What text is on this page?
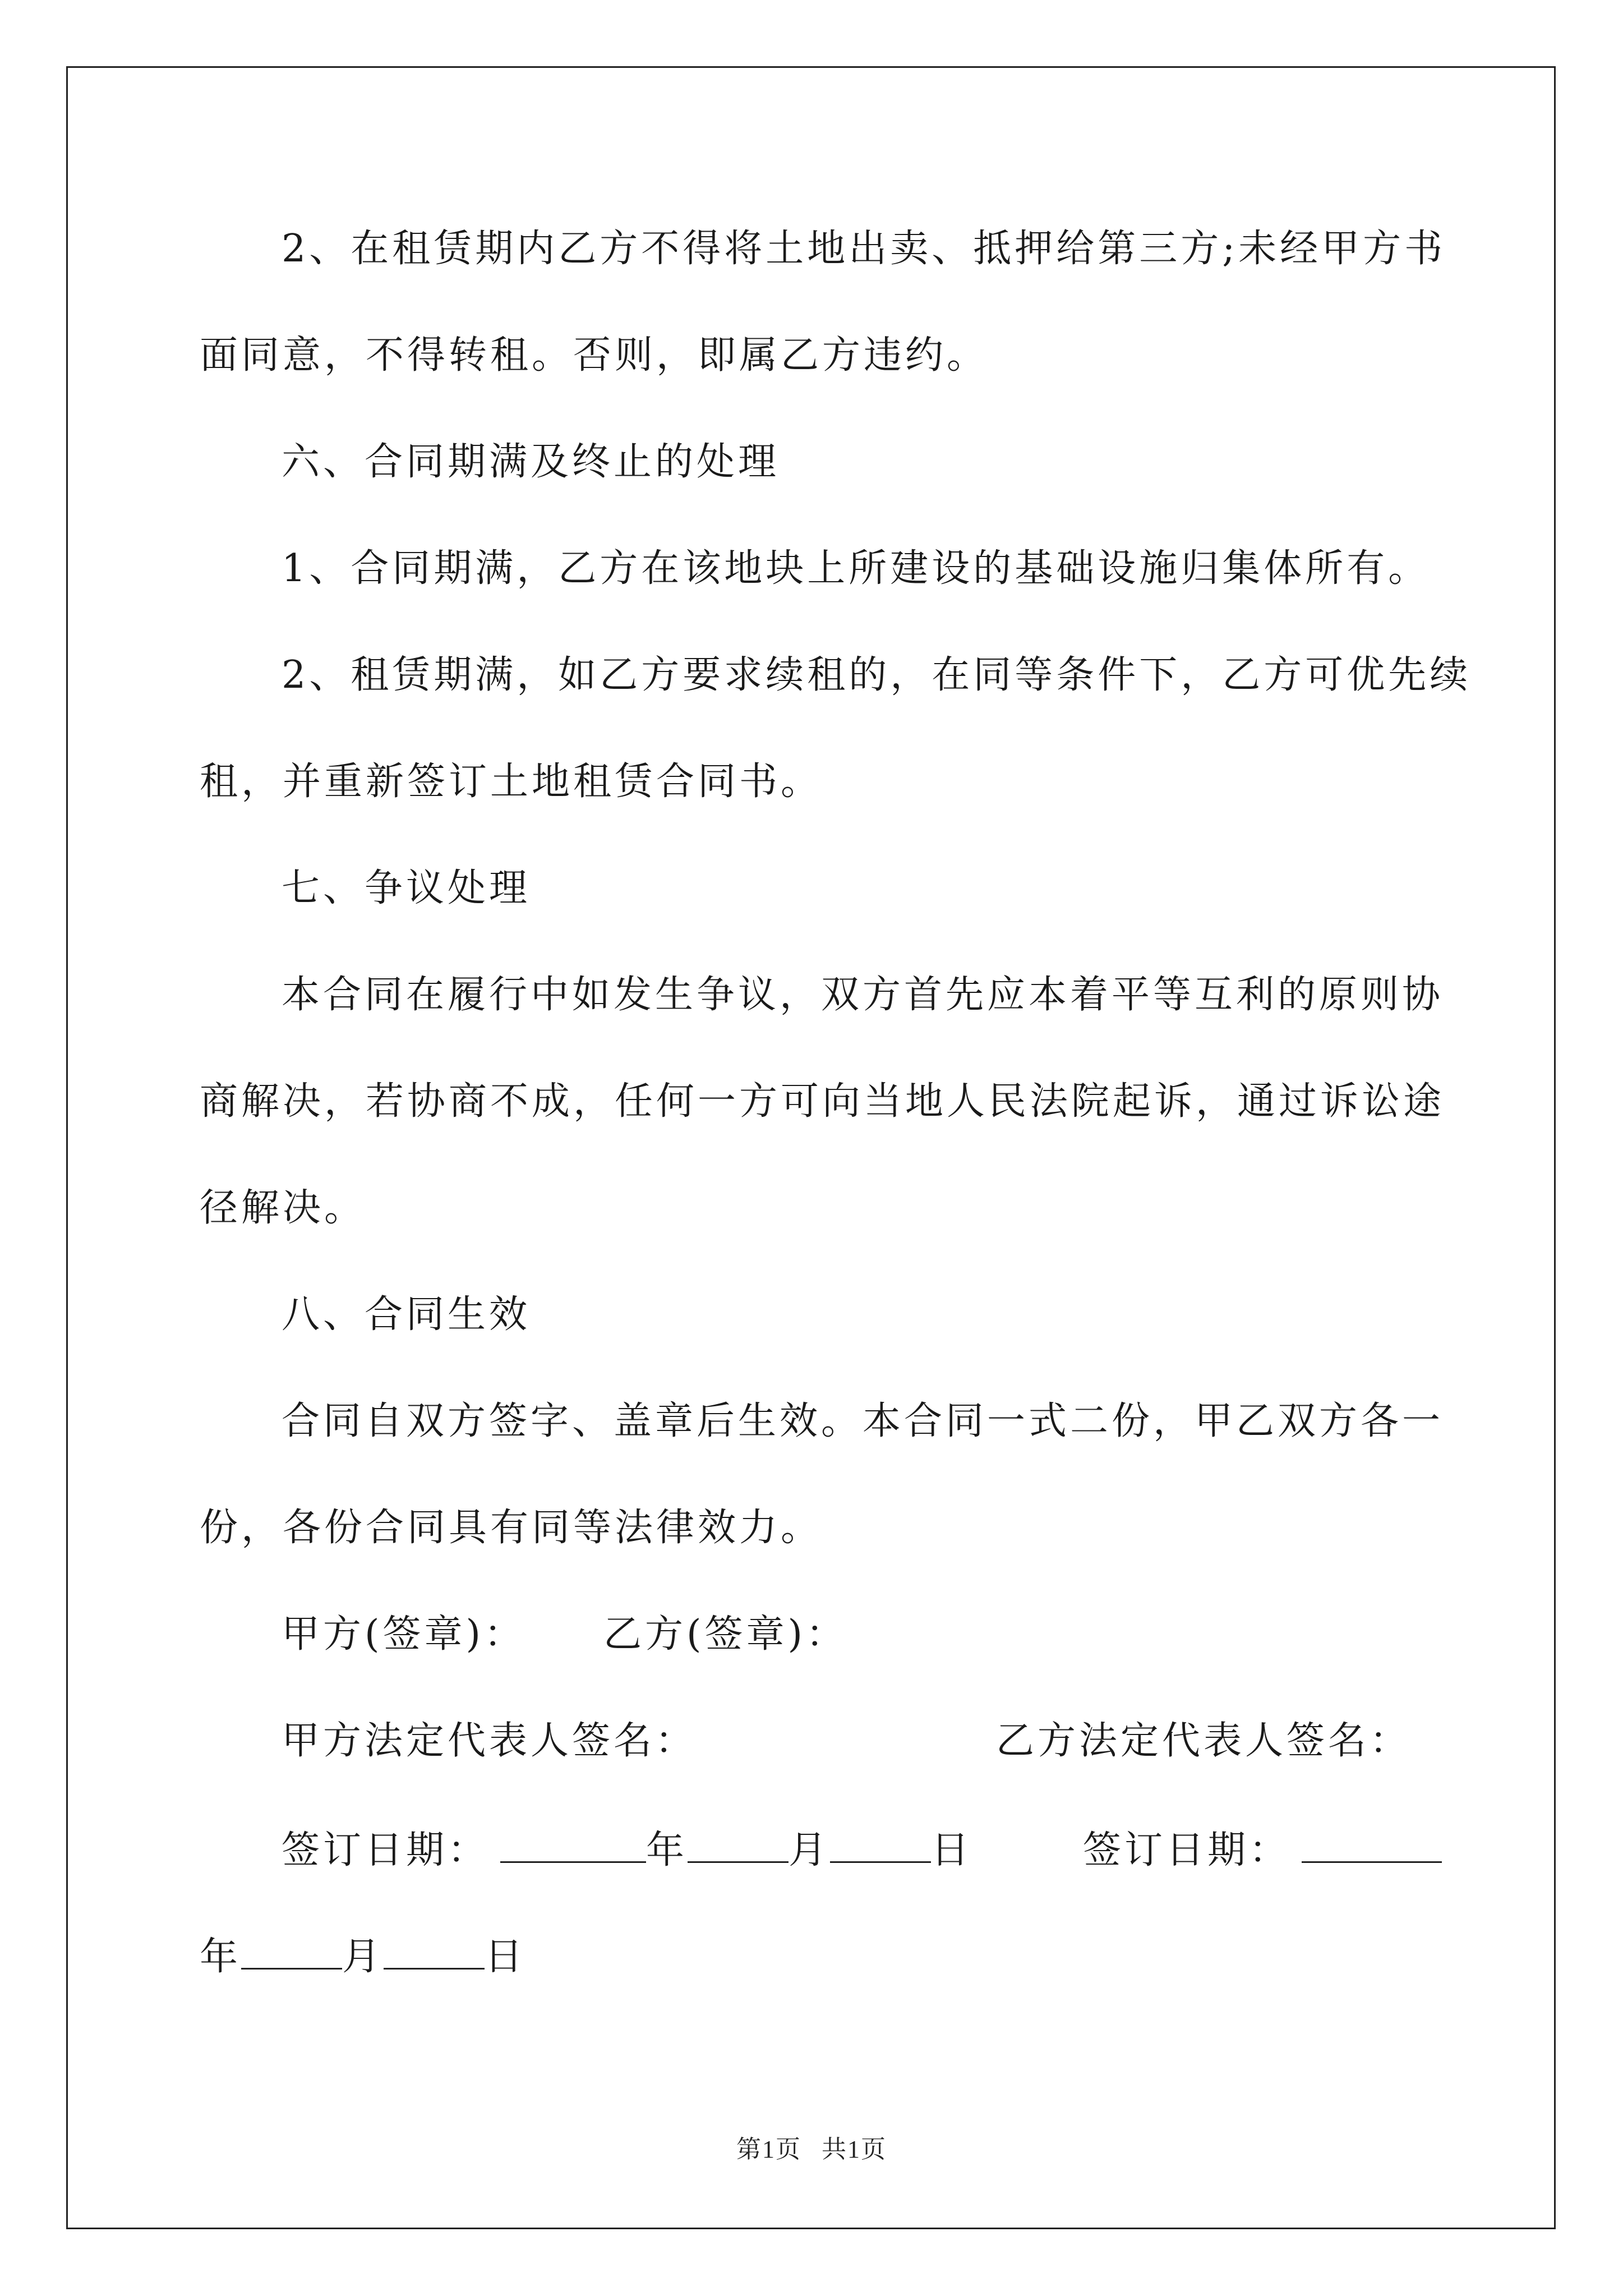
2、在租赁期内乙方不得将土地出卖、抵押给第三方;未经甲方书
面同意，不得转租。否则，即属乙方违约。
六、合同期满及终止的处理
1、合同期满，乙方在该地块上所建设的基础设施归集体所有。
2、租赁期满，如乙方要求续租的，在同等条件下，乙方可优先续
租，并重新签订土地租赁合同书。
七、争议处理
本合同在履行中如发生争议，双方首先应本着平等互利的原则协
商解决，若协商不成，任何一方可向当地人民法院起诉，通过诉讼途
径解决。
八、合同生效
合同自双方签字、盖章后生效。本合同一式二份，甲乙双方各一
份，各份合同具有同等法律效力。
甲方(签章)： 乙方(签章)：
甲方法定代表人签名：	乙方法定代表人签名：
签订日期：	年	月	日	签订日期：
年	月	日
第1页 共1页
